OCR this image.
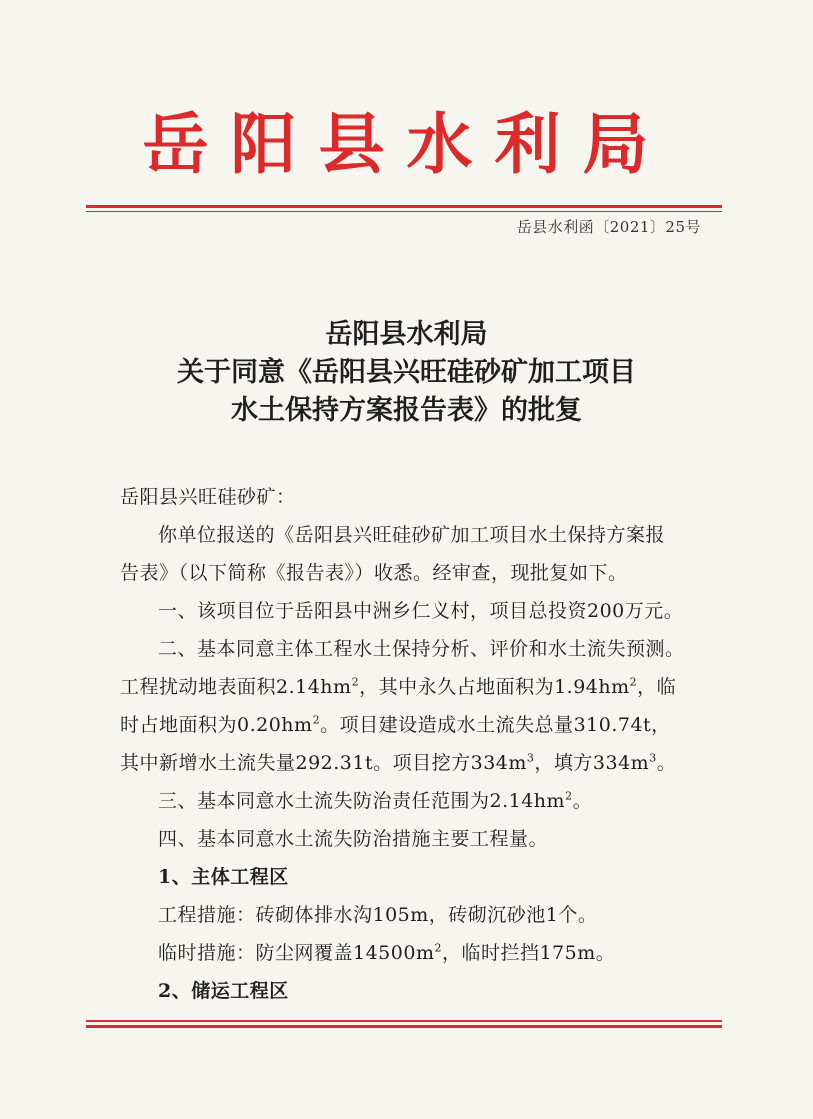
岳阳县水利局
岳县水利函〔2021〕25号
岳阳县水利局
关于同意《岳阳县兴旺硅砂矿加工项目
水土保持方案报告表》的批复

岳阳县兴旺硅砂矿：

你单位报送的《岳阳县兴旺硅砂矿加工项目水土保持方案报

告表》（以下简称《报告表》）收悉。经审查，现批复如下。

一、该项目位于岳阳县中洲乡仁义村，项目总投资200万元。

二、基本同意主体工程水土保持分析、评价和水土流失预测。

工程扰动地表面积$2.14hm^2$，其中永久占地面积为$1.94hm^2$，临

时占地面积为$0.20hm^2$。项目建设造成水土流失总量310.74t，

其中新增水土流失量292.31t。项目挖方$334m^3$，填方$334m^3$。

三、基本同意水土流失防治责任范围为$2.14hm^2$。

四、基本同意水土流失防治措施主要工程量。

1、主体工程区

工程措施：砖砌体排水沟105m，砖砌沉砂池1个。

临时措施：防尘网覆盖$14500m^2$，临时拦挡175m。

2、储运工程区
